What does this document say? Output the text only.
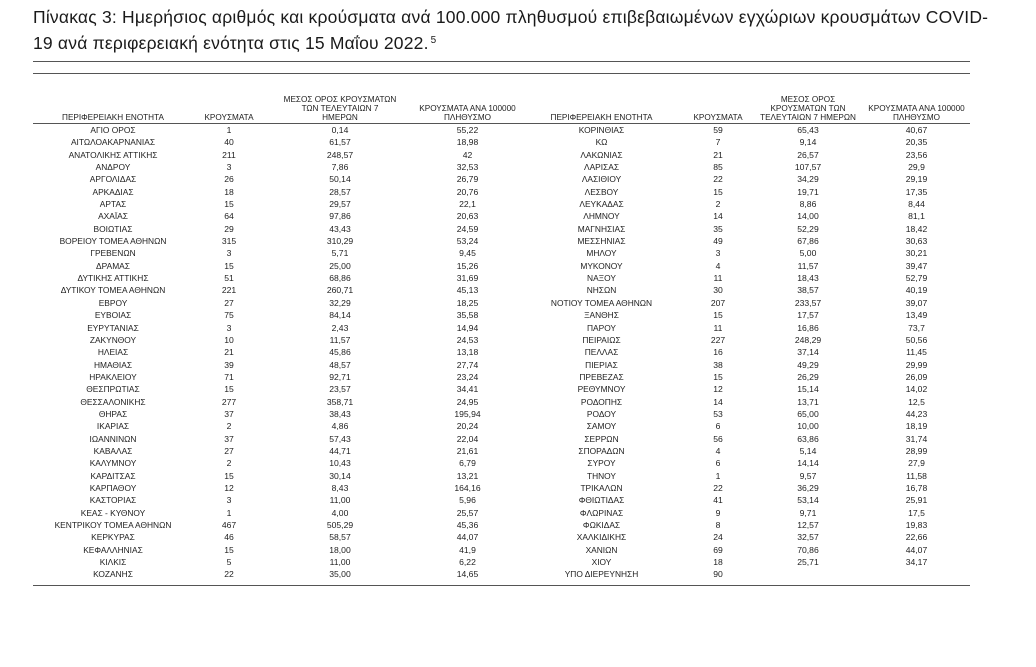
Πίνακας 3: Ημερήσιος αριθμός και κρούσματα ανά 100.000 πληθυσμού επιβεβαιωμένων εγχώριων κρουσμάτων COVID-19 ανά περιφερειακή ενότητα στις 15 Μαΐου 2022. $^5$
ΠΕΡΙΦΕΡΕΙΑΚΗ ΕΝΟΤΗΤΑ	ΚΡΟΥΣΜΑΤΑ	ΜΕΣΟΣ ΟΡΟΣ ΚΡΟΥΣΜΑΤΩΝ ΤΩΝ ΤΕΛΕΥΤΑΙΩΝ 7 ΗΜΕΡΩΝ	ΚΡΟΥΣΜΑΤΑ ΑΝΑ 100000 ΠΛΗΘΥΣΜΟ	ΠΕΡΙΦΕΡΕΙΑΚΗ ΕΝΟΤΗΤΑ	ΚΡΟΥΣΜΑΤΑ	ΜΕΣΟΣ ΟΡΟΣ ΚΡΟΥΣΜΑΤΩΝ ΤΩΝ ΤΕΛΕΥΤΑΙΩΝ 7 ΗΜΕΡΩΝ	ΚΡΟΥΣΜΑΤΑ ΑΝΑ 100000 ΠΛΗΘΥΣΜΟ
ΑΓΙΟ ΟΡΟΣ	1	0,14	55,22	ΚΟΡΙΝΘΙΑΣ	59	65,43	40,67
ΑΙΤΩΛΟΑΚΑΡΝΑΝΙΑΣ	40	61,57	18,98	ΚΩ	7	9,14	20,35
ΑΝΑΤΟΛΙΚΗΣ ΑΤΤΙΚΗΣ	211	248,57	42	ΛΑΚΩΝΙΑΣ	21	26,57	23,56
ΑΝΔΡΟΥ	3	7,86	32,53	ΛΑΡΙΣΑΣ	85	107,57	29,9
ΑΡΓΟΛΙΔΑΣ	26	50,14	26,79	ΛΑΣΙΘΙΟΥ	22	34,29	29,19
ΑΡΚΑΔΙΑΣ	18	28,57	20,76	ΛΕΣΒΟΥ	15	19,71	17,35
ΑΡΤΑΣ	15	29,57	22,1	ΛΕΥΚΑΔΑΣ	2	8,86	8,44
ΑΧΑΪΑΣ	64	97,86	20,63	ΛΗΜΝΟΥ	14	14,00	81,1
ΒΟΙΩΤΙΑΣ	29	43,43	24,59	ΜΑΓΝΗΣΙΑΣ	35	52,29	18,42
ΒΟΡΕΙΟΥ ΤΟΜΕΑ ΑΘΗΝΩΝ	315	310,29	53,24	ΜΕΣΣΗΝΙΑΣ	49	67,86	30,63
ΓΡΕΒΕΝΩΝ	3	5,71	9,45	ΜΗΛΟΥ	3	5,00	30,21
ΔΡΑΜΑΣ	15	25,00	15,26	ΜΥΚΟΝΟΥ	4	11,57	39,47
ΔΥΤΙΚΗΣ ΑΤΤΙΚΗΣ	51	68,86	31,69	ΝΑΞΟΥ	11	18,43	52,79
ΔΥΤΙΚΟΥ ΤΟΜΕΑ ΑΘΗΝΩΝ	221	260,71	45,13	ΝΗΣΩΝ	30	38,57	40,19
ΕΒΡΟΥ	27	32,29	18,25	ΝΟΤΙΟΥ ΤΟΜΕΑ ΑΘΗΝΩΝ	207	233,57	39,07
ΕΥΒΟΙΑΣ	75	84,14	35,58	ΞΑΝΘΗΣ	15	17,57	13,49
ΕΥΡΥΤΑΝΙΑΣ	3	2,43	14,94	ΠΑΡΟΥ	11	16,86	73,7
ΖΑΚΥΝΘΟΥ	10	11,57	24,53	ΠΕΙΡΑΙΩΣ	227	248,29	50,56
ΗΛΕΙΑΣ	21	45,86	13,18	ΠΕΛΛΑΣ	16	37,14	11,45
ΗΜΑΘΙΑΣ	39	48,57	27,74	ΠΙΕΡΙΑΣ	38	49,29	29,99
ΗΡΑΚΛΕΙΟΥ	71	92,71	23,24	ΠΡΕΒΕΖΑΣ	15	26,29	26,09
ΘΕΣΠΡΩΤΙΑΣ	15	23,57	34,41	ΡΕΘΥΜΝΟΥ	12	15,14	14,02
ΘΕΣΣΑΛΟΝΙΚΗΣ	277	358,71	24,95	ΡΟΔΟΠΗΣ	14	13,71	12,5
ΘΗΡΑΣ	37	38,43	195,94	ΡΟΔΟΥ	53	65,00	44,23
ΙΚΑΡΙΑΣ	2	4,86	20,24	ΣΑΜΟΥ	6	10,00	18,19
ΙΩΑΝΝΙΝΩΝ	37	57,43	22,04	ΣΕΡΡΩΝ	56	63,86	31,74
ΚΑΒΑΛΑΣ	27	44,71	21,61	ΣΠΟΡΑΔΩΝ	4	5,14	28,99
ΚΑΛΥΜΝΟΥ	2	10,43	6,79	ΣΥΡΟΥ	6	14,14	27,9
ΚΑΡΔΙΤΣΑΣ	15	30,14	13,21	ΤΗΝΟΥ	1	9,57	11,58
ΚΑΡΠΑΘΟΥ	12	8,43	164,16	ΤΡΙΚΑΛΩΝ	22	36,29	16,78
ΚΑΣΤΟΡΙΑΣ	3	11,00	5,96	ΦΘΙΩΤΙΔΑΣ	41	53,14	25,91
ΚΕΑΣ - ΚΥΘΝΟΥ	1	4,00	25,57	ΦΛΩΡΙΝΑΣ	9	9,71	17,5
ΚΕΝΤΡΙΚΟΥ ΤΟΜΕΑ ΑΘΗΝΩΝ	467	505,29	45,36	ΦΩΚΙΔΑΣ	8	12,57	19,83
ΚΕΡΚΥΡΑΣ	46	58,57	44,07	ΧΑΛΚΙΔΙΚΗΣ	24	32,57	22,66
ΚΕΦΑΛΛΗΝΙΑΣ	15	18,00	41,9	ΧΑΝΙΩΝ	69	70,86	44,07
ΚΙΛΚΙΣ	5	11,00	6,22	ΧΙΟΥ	18	25,71	34,17
ΚΟΖΑΝΗΣ	22	35,00	14,65	ΥΠΟ ΔΙΕΡΕΥΝΗΣΗ	90		
